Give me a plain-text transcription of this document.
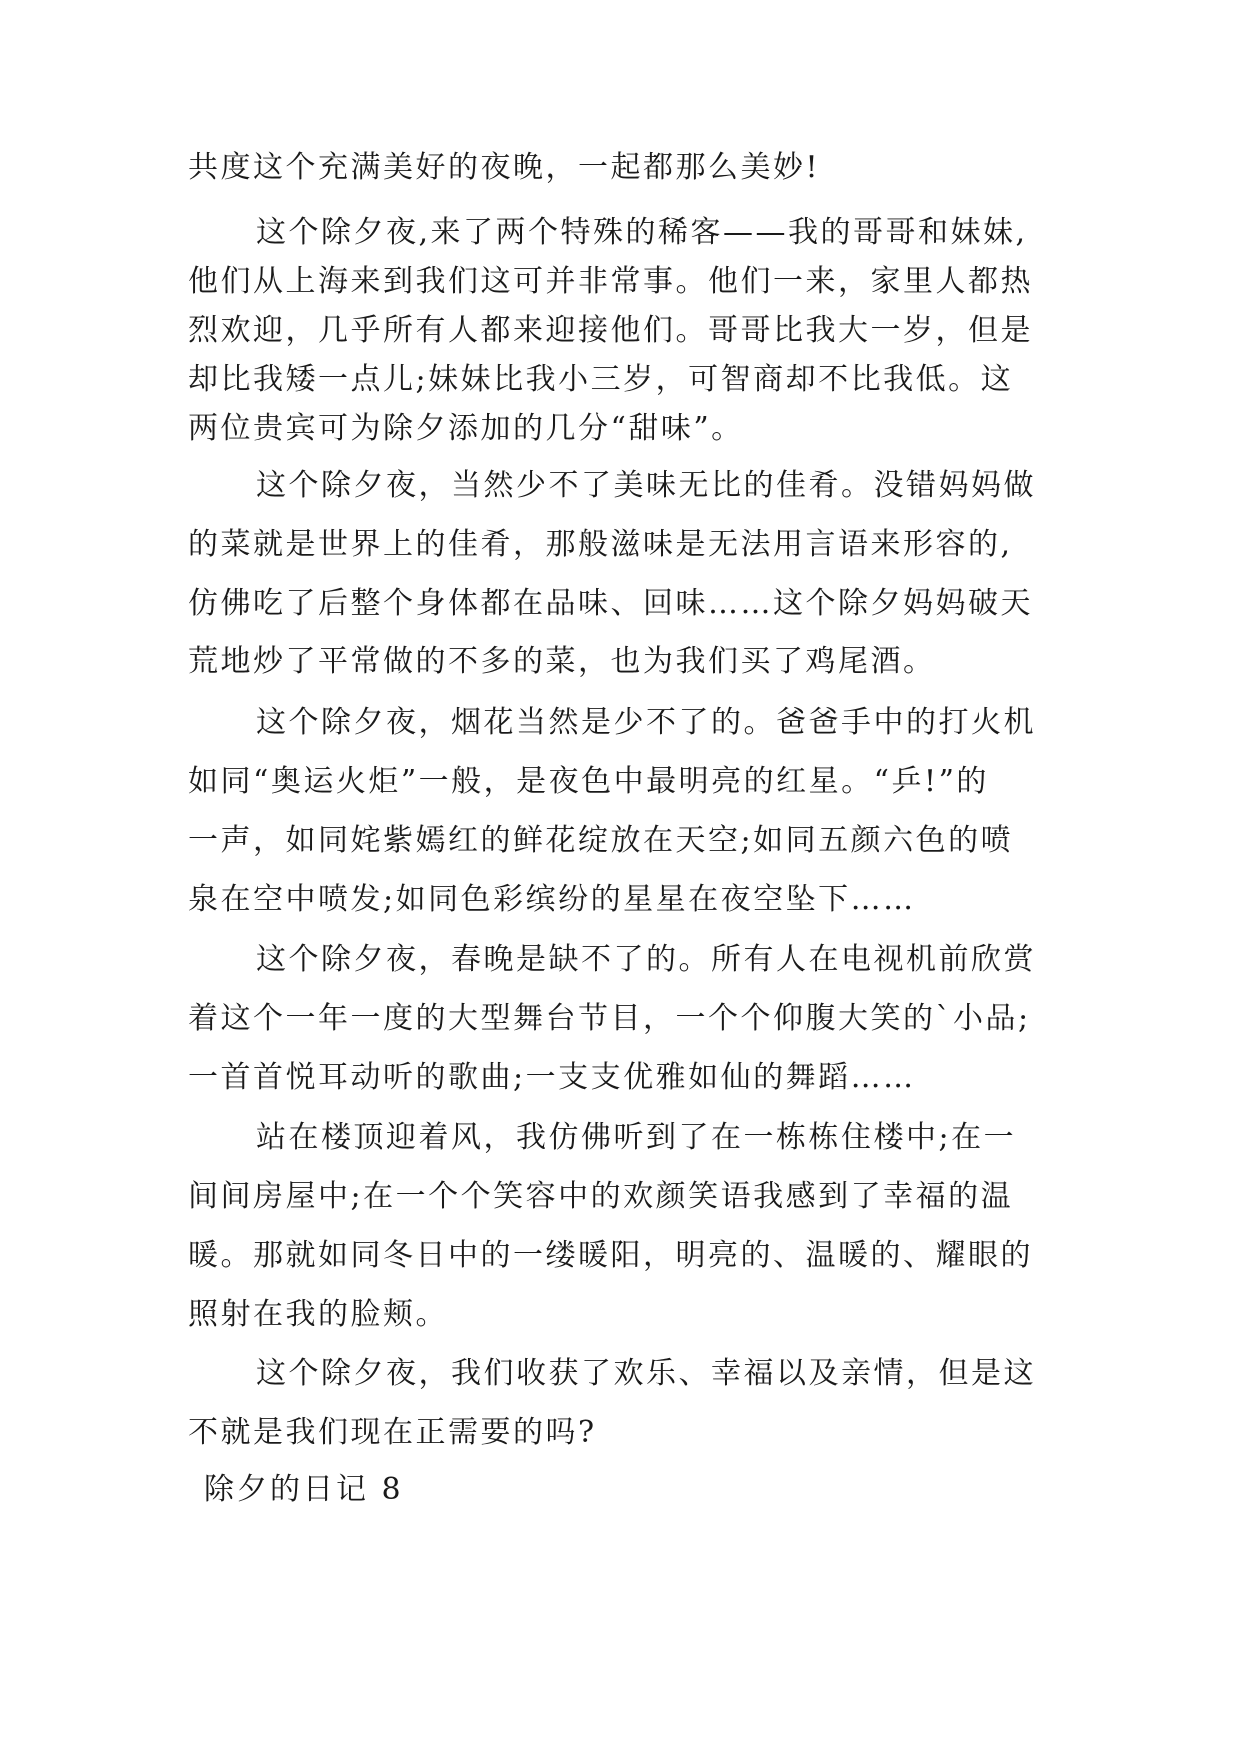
共度这个充满美好的夜晚，一起都那么美妙!
这个除夕夜,来了两个特殊的稀客——我的哥哥和妹妹,
他们从上海来到我们这可并非常事。他们一来，家里人都热
烈欢迎，几乎所有人都来迎接他们。哥哥比我大一岁，但是
却比我矮一点儿;妹妹比我小三岁，可智商却不比我低。这
两位贵宾可为除夕添加的几分“甜味”。
这个除夕夜，当然少不了美味无比的佳肴。没错妈妈做
的菜就是世界上的佳肴，那般滋味是无法用言语来形容的,
仿佛吃了后整个身体都在品味、回味……这个除夕妈妈破天
荒地炒了平常做的不多的菜，也为我们买了鸡尾酒。
这个除夕夜，烟花当然是少不了的。爸爸手中的打火机
如同“奥运火炬”一般，是夜色中最明亮的红星。“乒!”的
一声，如同姹紫嫣红的鲜花绽放在天空;如同五颜六色的喷
泉在空中喷发;如同色彩缤纷的星星在夜空坠下……
这个除夕夜，春晚是缺不了的。所有人在电视机前欣赏
着这个一年一度的大型舞台节目，一个个仰腹大笑的`小品;
一首首悦耳动听的歌曲;一支支优雅如仙的舞蹈……
站在楼顶迎着风，我仿佛听到了在一栋栋住楼中;在一
间间房屋中;在一个个笑容中的欢颜笑语我感到了幸福的温
暖。那就如同冬日中的一缕暖阳，明亮的、温暖的、耀眼的
照射在我的脸颊。
这个除夕夜，我们收获了欢乐、幸福以及亲情，但是这
不就是我们现在正需要的吗?
除夕的日记 8
